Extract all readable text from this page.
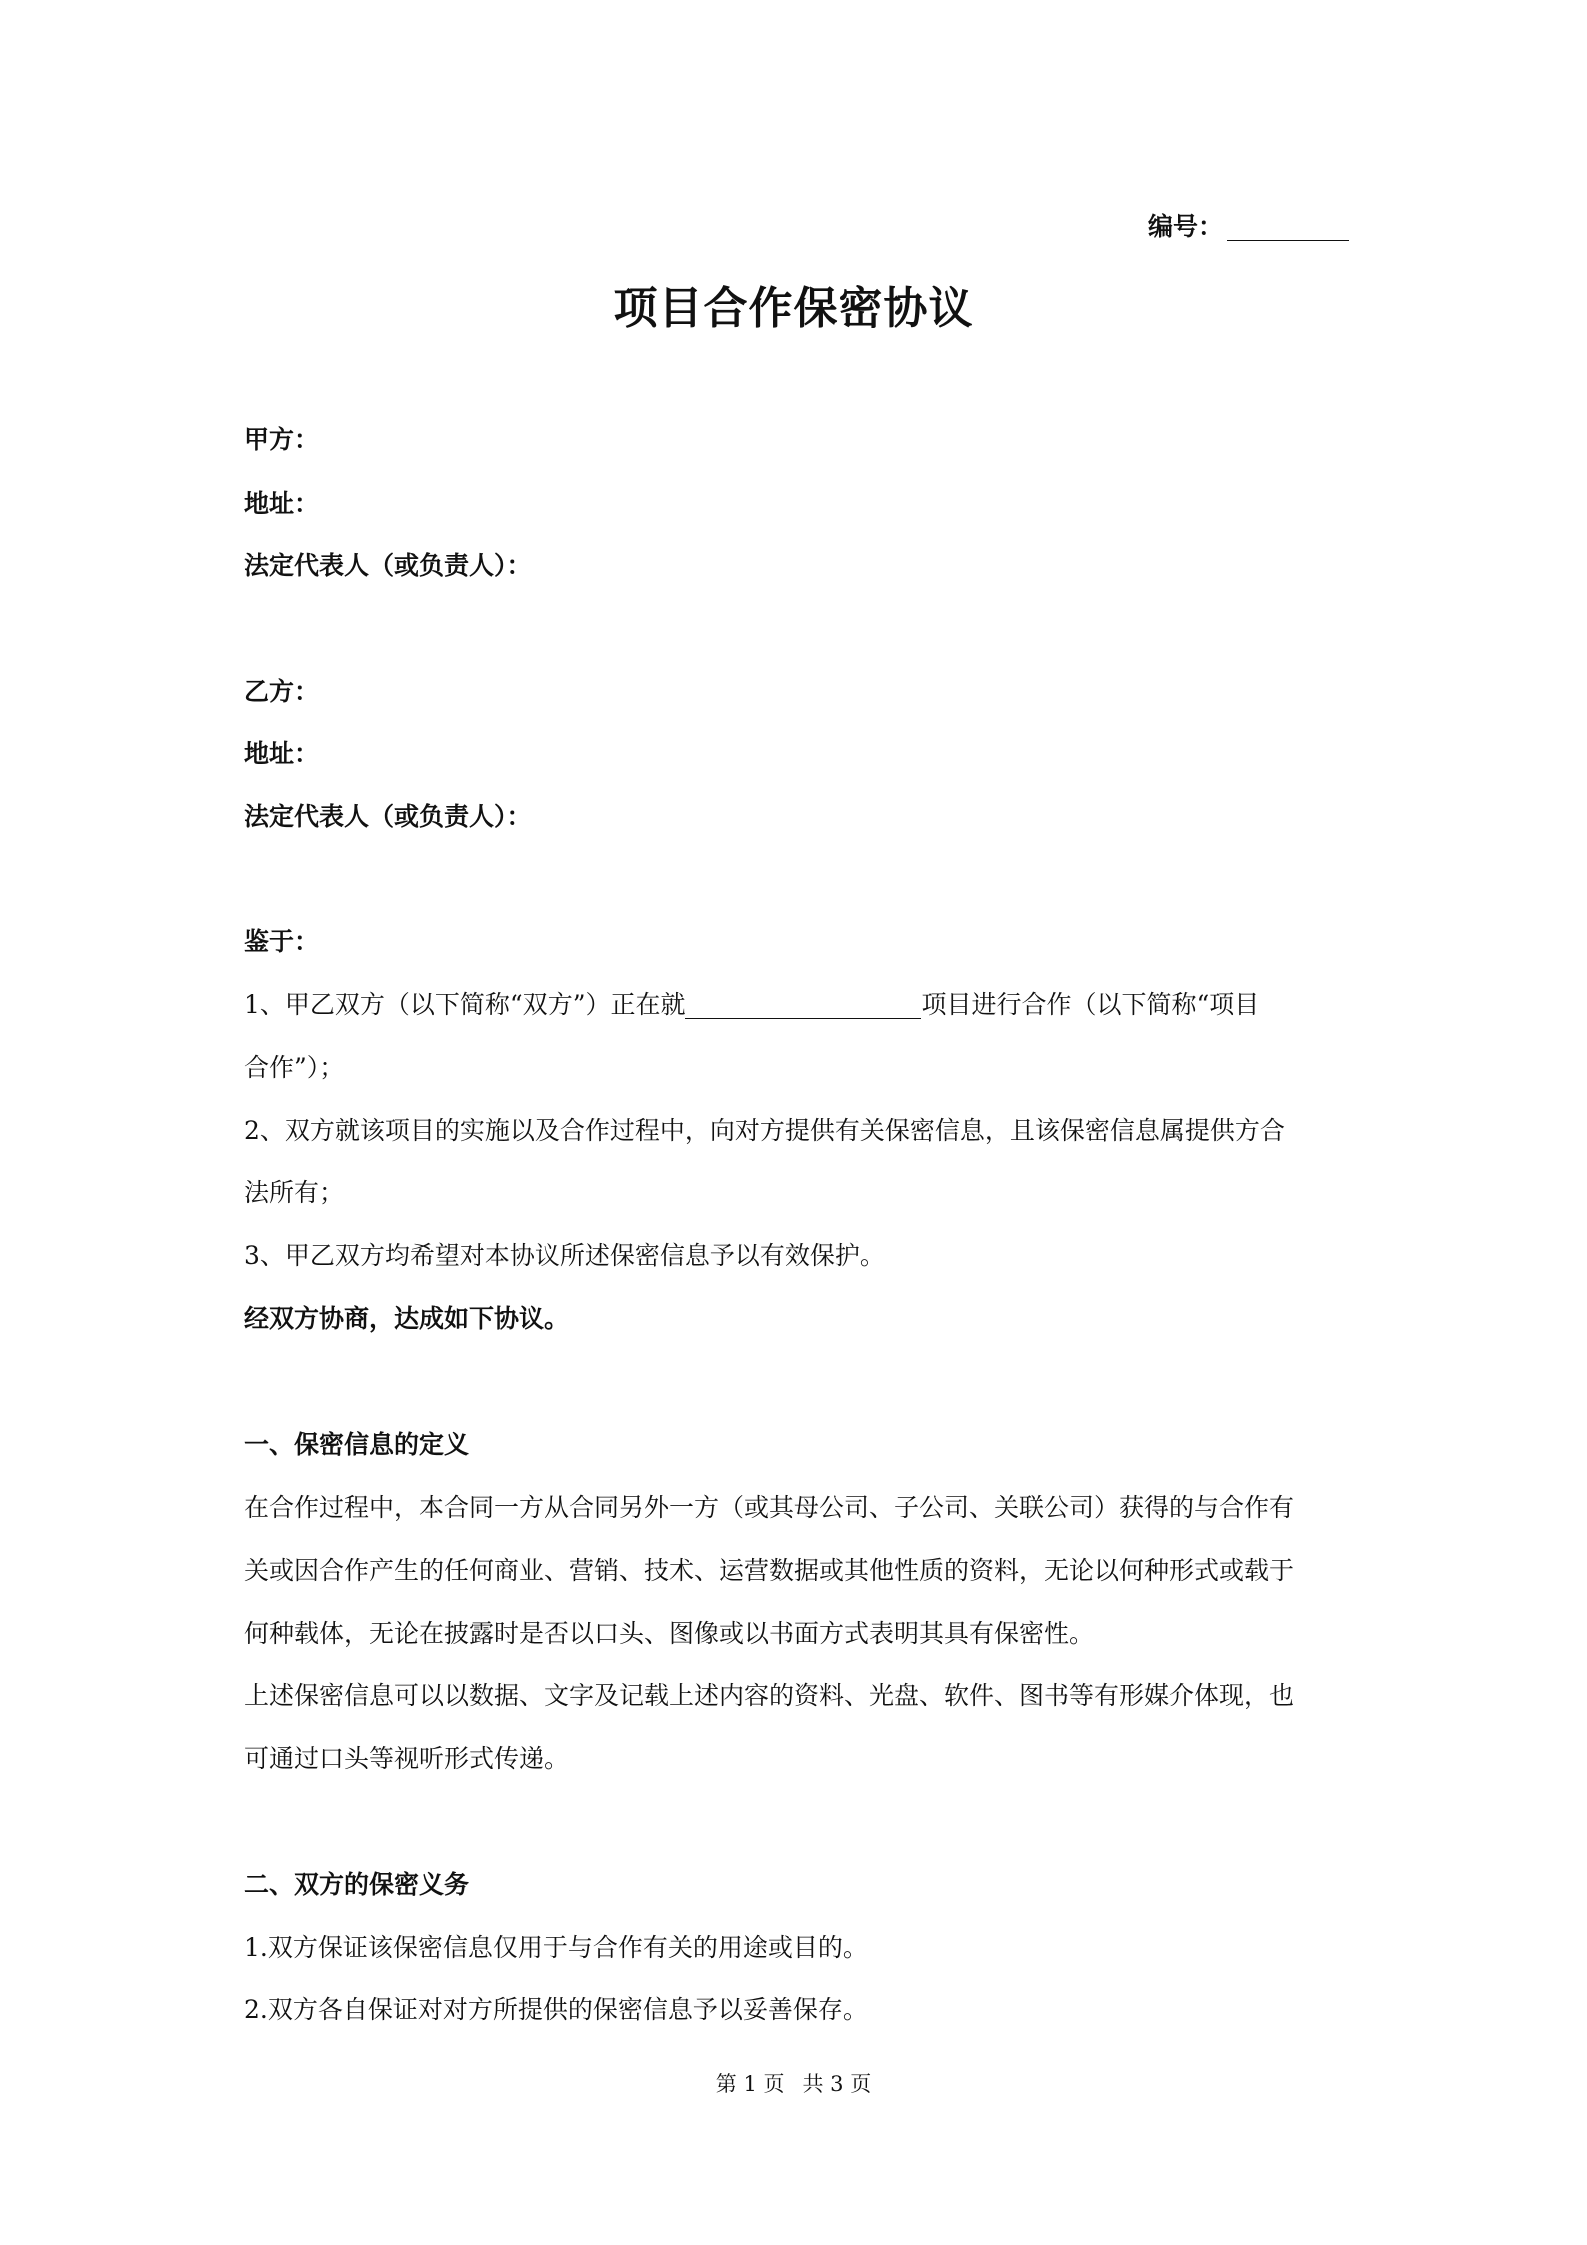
编号：
项目合作保密协议
甲方：
地址：
法定代表人（或负责人）：
乙方：
地址：
法定代表人（或负责人）：
鉴于：
1、甲乙双方（以下简称“双方”）正在就	项目进行合作（以下简称“项目
合作”）；
2、双方就该项目的实施以及合作过程中，向对方提供有关保密信息，且该保密信息属提供方合
法所有；
3、甲乙双方均希望对本协议所述保密信息予以有效保护。
经双方协商，达成如下协议。
一、保密信息的定义
在合作过程中，本合同一方从合同另外一方（或其母公司、子公司、关联公司）获得的与合作有
关或因合作产生的任何商业、营销、技术、运营数据或其他性质的资料，无论以何种形式或载于
何种载体，无论在披露时是否以口头、图像或以书面方式表明其具有保密性。
上述保密信息可以以数据、文字及记载上述内容的资料、光盘、软件、图书等有形媒介体现，也
可通过口头等视听形式传递。
二、双方的保密义务
1.双方保证该保密信息仅用于与合作有关的用途或目的。
2.双方各自保证对对方所提供的保密信息予以妥善保存。
第 1 页 共 3 页
